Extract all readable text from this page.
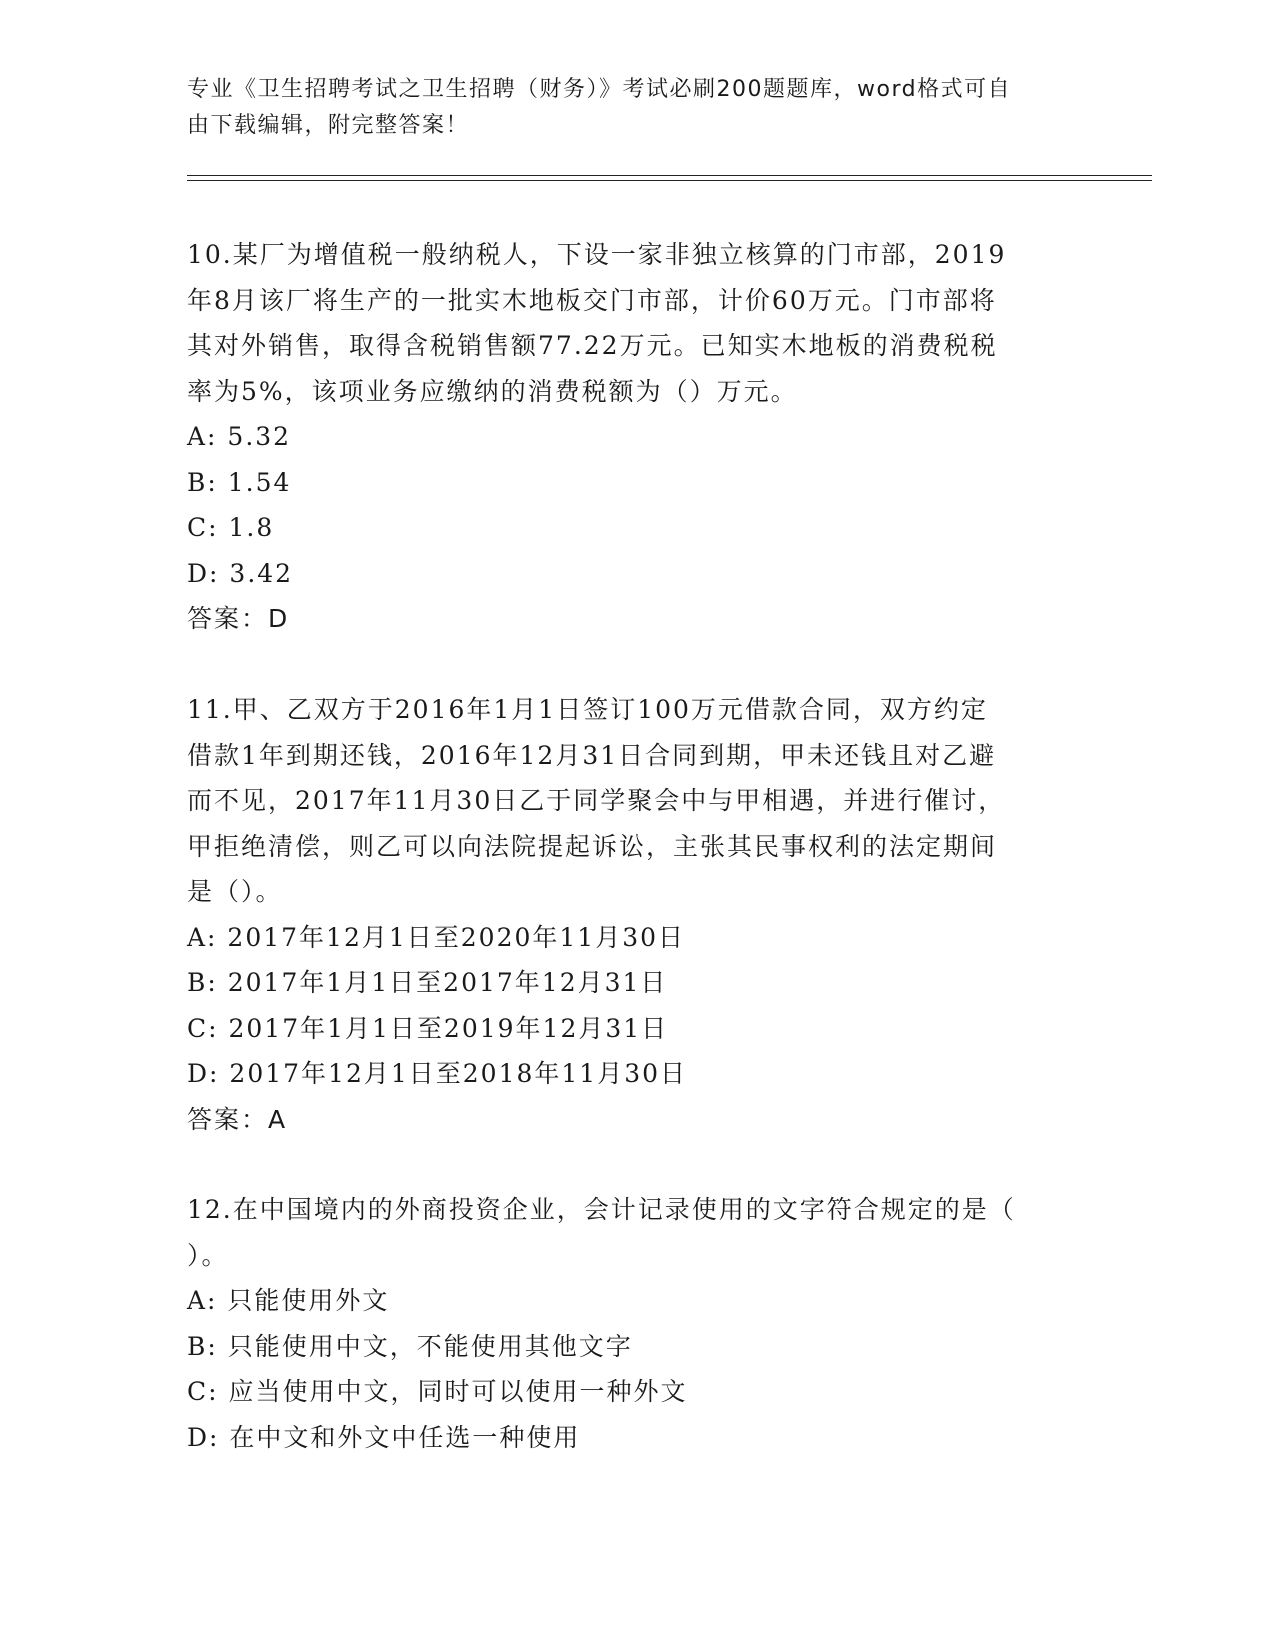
专业《卫生招聘考试之卫生招聘（财务）》考试必刷200题题库，word格式可自
由下载编辑，附完整答案！

10.某厂为增值税一般纳税人，下设一家非独立核算的门市部，2019

年8月该厂将生产的一批实木地板交门市部，计价60万元。门市部将

其对外销售，取得含税销售额77.22万元。已知实木地板的消费税税

率为5%，该项业务应缴纳的消费税额为（）万元。

A: 5.32

B: 1.54

C: 1.8

D: 3.42

答案：D

11.甲、乙双方于2016年1月1日签订100万元借款合同，双方约定

借款1年到期还钱，2016年12月31日合同到期，甲未还钱且对乙避

而不见，2017年11月30日乙于同学聚会中与甲相遇，并进行催讨，

甲拒绝清偿，则乙可以向法院提起诉讼，主张其民事权利的法定期间

是（）。

A: 2017年12月1日至2020年11月30日

B: 2017年1月1日至2017年12月31日

C: 2017年1月1日至2019年12月31日

D: 2017年12月1日至2018年11月30日

答案：A

12.在中国境内的外商投资企业，会计记录使用的文字符合规定的是（

）。

A: 只能使用外文

B: 只能使用中文，不能使用其他文字

C: 应当使用中文，同时可以使用一种外文

D: 在中文和外文中任选一种使用
